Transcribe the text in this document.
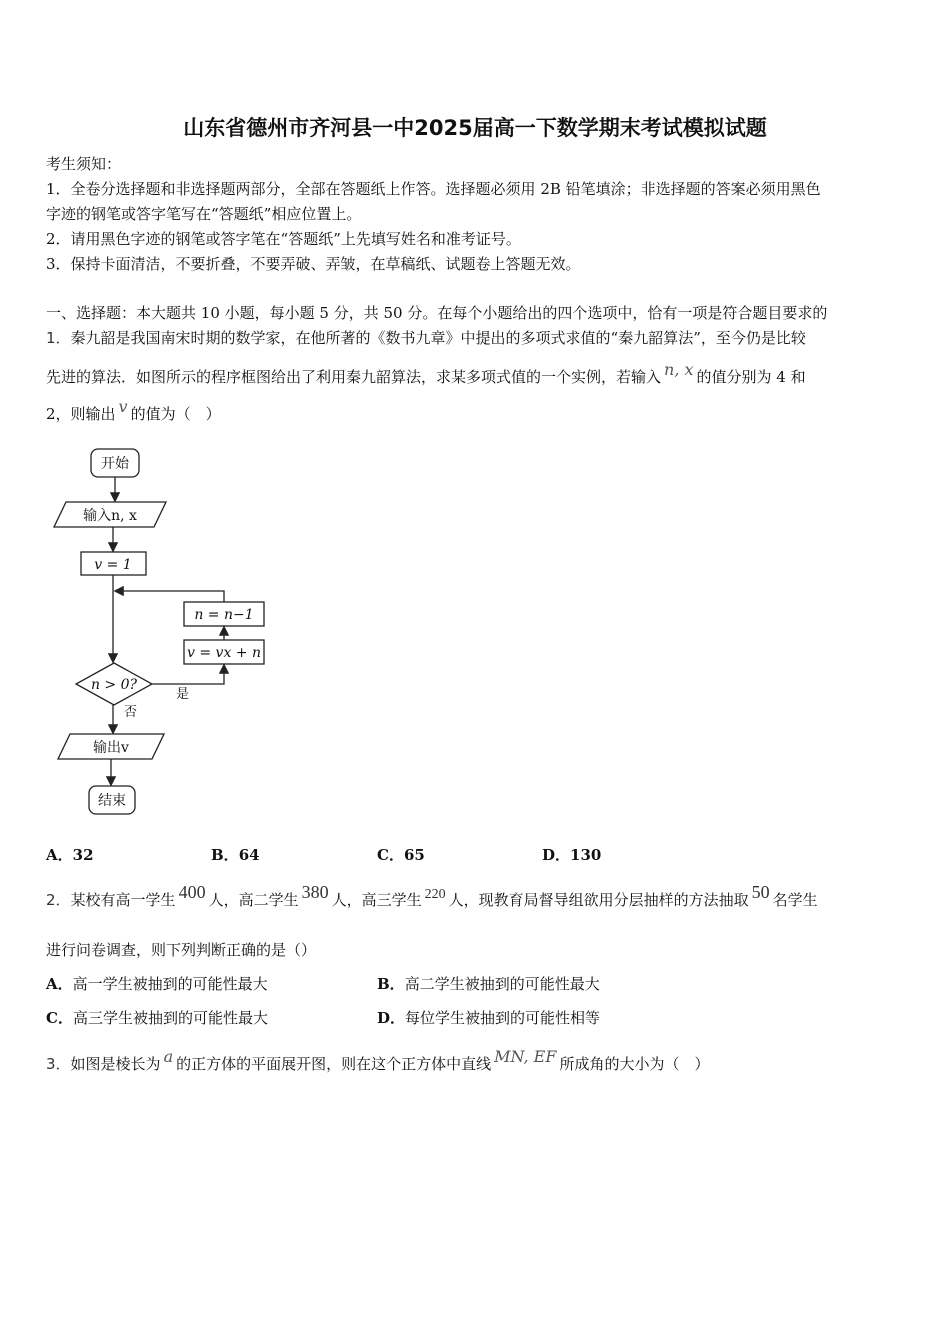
山东省德州市齐河县一中2025届高一下数学期末考试模拟试题
考生须知：
1．全卷分选择题和非选择题两部分，全部在答题纸上作答。选择题必须用 2B 铅笔填涂；非选择题的答案必须用黑色
字迹的钢笔或答字笔写在“答题纸”相应位置上。
2．请用黑色字迹的钢笔或答字笔在“答题纸”上先填写姓名和准考证号。
3．保持卡面清洁，不要折叠，不要弄破、弄皱，在草稿纸、试题卷上答题无效。
一、选择题：本大题共 10 小题，每小题 5 分，共 50 分。在每个小题给出的四个选项中，恰有一项是符合题目要求的
1．秦九韶是我国南宋时期的数学家，在他所著的《数书九章》中提出的多项式求值的“秦九韶算法”，至今仍是比较
先进的算法．如图所示的程序框图给出了利用秦九韶算法，求某多项式值的一个实例，若输入 n, x 的值分别为 4 和
2，则输出 v 的值为（　）
开始
输入n, x
v = 1
n = n−1
v = vx + n
n > 0?
是
否
输出v
结束
A．32	B．64	C．65	D．130
2．某校有高一学生 400 人，高二学生 380 人，高三学生 220 人，现教育局督导组欲用分层抽样的方法抽取 50 名学生
进行问卷调查，则下列判断正确的是（）
A．高一学生被抽到的可能性最大	B．高二学生被抽到的可能性最大
C．高三学生被抽到的可能性最大	D．每位学生被抽到的可能性相等
3．如图是棱长为 a 的正方体的平面展开图，则在这个正方体中直线 MN, EF 所成角的大小为（　）
